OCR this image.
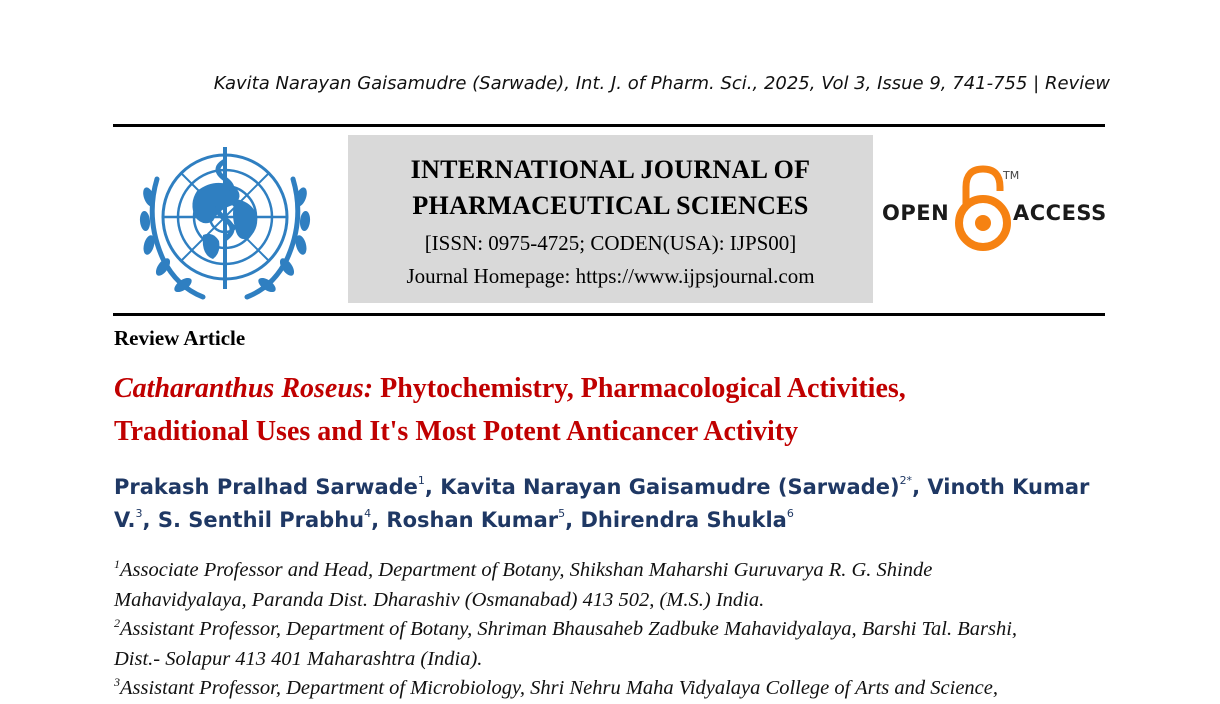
Kavita Narayan Gaisamudre (Sarwade), Int. J. of Pharm. Sci., 2025, Vol 3, Issue 9, 741-755 | Review
INTERNATIONAL JOURNAL OF
PHARMACEUTICAL SCIENCES
[ISSN: 0975-4725; CODEN(USA): IJPS00]
Journal Homepage: https://www.ijpsjournal.com
OPEN
TM
ACCESS
Review Article
Catharanthus Roseus: Phytochemistry, Pharmacological Activities,
Traditional Uses and It's Most Potent Anticancer Activity
Prakash Pralhad Sarwade$^1$, Kavita Narayan Gaisamudre (Sarwade)$^{2*}$, Vinoth Kumar V.$^3$, S. Senthil Prabhu$^4$, Roshan Kumar$^5$, Dhirendra Shukla$^6$
$^1$Associate Professor and Head, Department of Botany, Shikshan Maharshi Guruvarya R. G. Shinde
Mahavidyalaya, Paranda Dist. Dharashiv (Osmanabad) 413 502, (M.S.) India.
$^2$Assistant Professor, Department of Botany, Shriman Bhausaheb Zadbuke Mahavidyalaya, Barshi Tal. Barshi,
Dist.- Solapur 413 401 Maharashtra (India).
$^3$Assistant Professor, Department of Microbiology, Shri Nehru Maha Vidyalaya College of Arts and Science,
